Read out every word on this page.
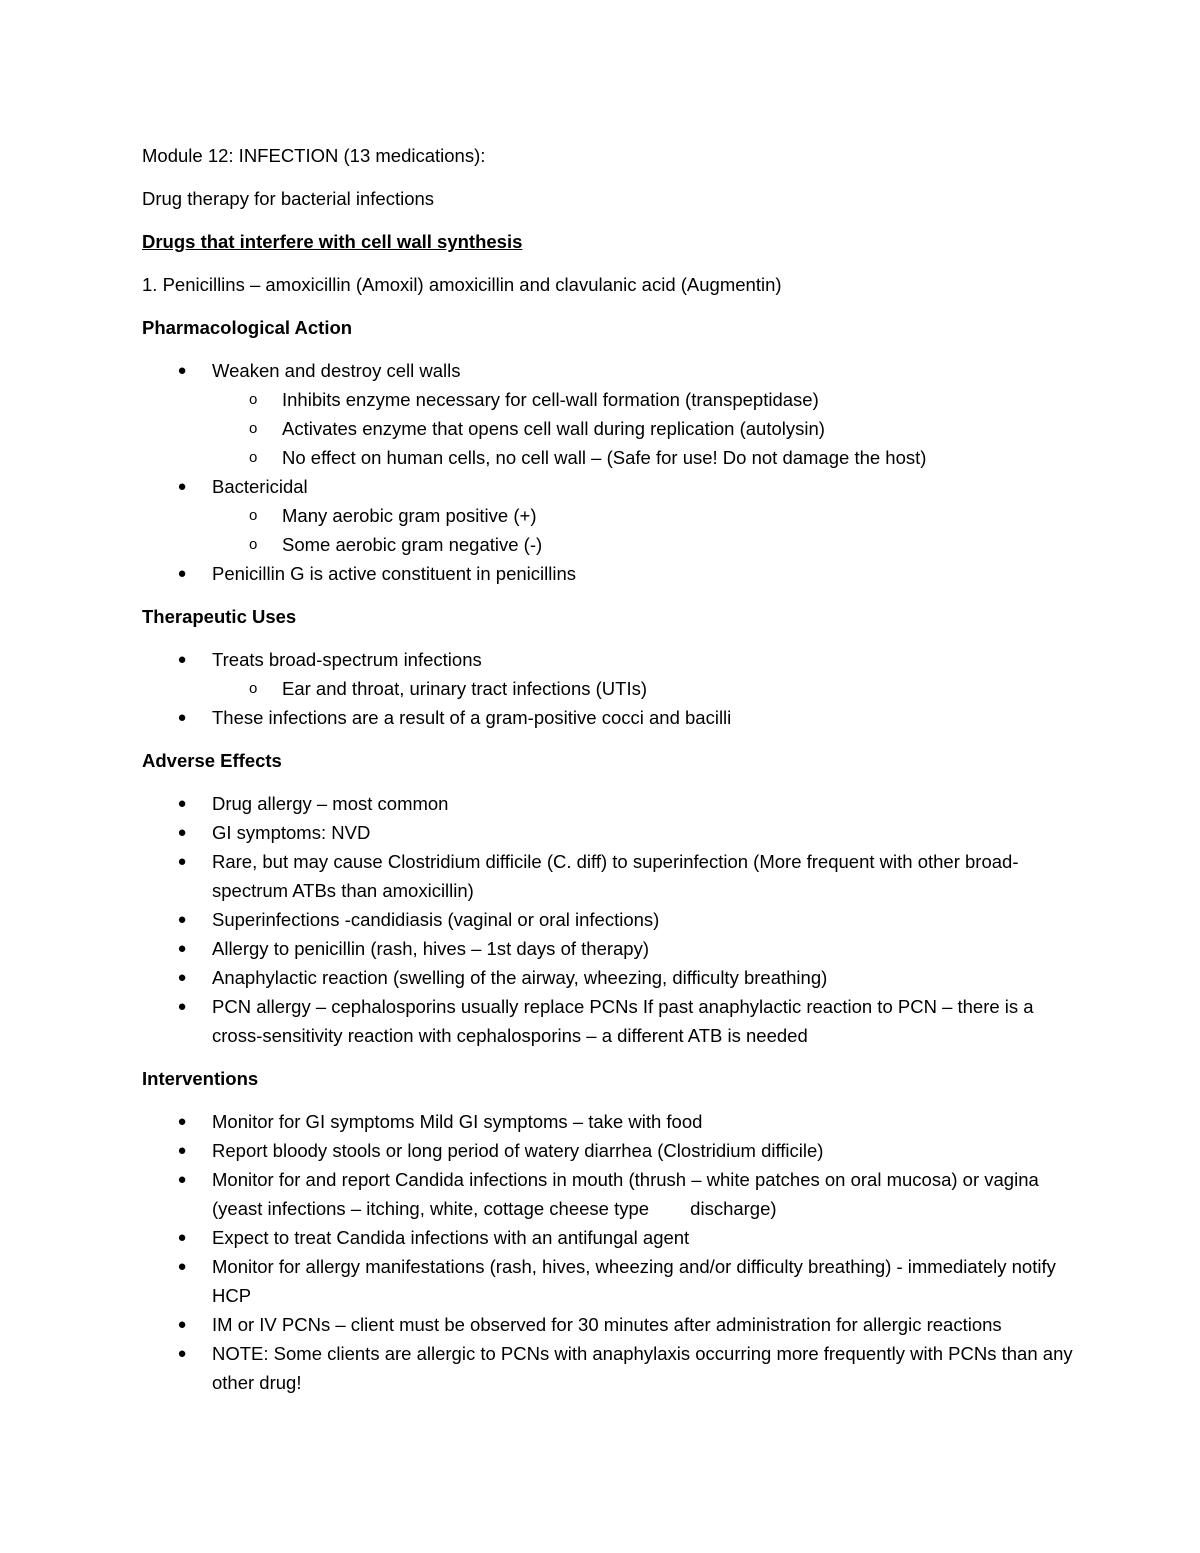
Module 12: INFECTION (13 medications):

Drug therapy for bacterial infections

Drugs that interfere with cell wall synthesis

1. Penicillins – amoxicillin (Amoxil) amoxicillin and clavulanic acid (Augmentin)

Pharmacological Action

● Weaken and destroy cell walls
o Inhibits enzyme necessary for cell-wall formation (transpeptidase)
o Activates enzyme that opens cell wall during replication (autolysin)
o No effect on human cells, no cell wall – (Safe for use! Do not damage the host)
● Bactericidal
o Many aerobic gram positive (+)
o Some aerobic gram negative (-)
● Penicillin G is active constituent in penicillins

Therapeutic Uses

● Treats broad-spectrum infections
o Ear and throat, urinary tract infections (UTIs)
● These infections are a result of a gram-positive cocci and bacilli

Adverse Effects

● Drug allergy – most common
● GI symptoms: NVD
● Rare, but may cause Clostridium difficile (C. diff) to superinfection (More frequent with other broad- spectrum ATBs than amoxicillin)
● Superinfections -candidiasis (vaginal or oral infections)
● Allergy to penicillin (rash, hives – 1st days of therapy)
● Anaphylactic reaction (swelling of the airway, wheezing, difficulty breathing)
● PCN allergy – cephalosporins usually replace PCNs If past anaphylactic reaction to PCN – there is a cross-sensitivity reaction with cephalosporins – a different ATB is needed

Interventions

● Monitor for GI symptoms Mild GI symptoms – take with food
● Report bloody stools or long period of watery diarrhea (Clostridium difficile)
● Monitor for and report Candida infections in mouth (thrush – white patches on oral mucosa) or vagina (yeast infections – itching, white, cottage cheese type        discharge)
● Expect to treat Candida infections with an antifungal agent
● Monitor for allergy manifestations (rash, hives, wheezing and/or difficulty breathing) - immediately notify HCP
● IM or IV PCNs – client must be observed for 30 minutes after administration for allergic reactions
● NOTE: Some clients are allergic to PCNs with anaphylaxis occurring more frequently with PCNs than any other drug!
